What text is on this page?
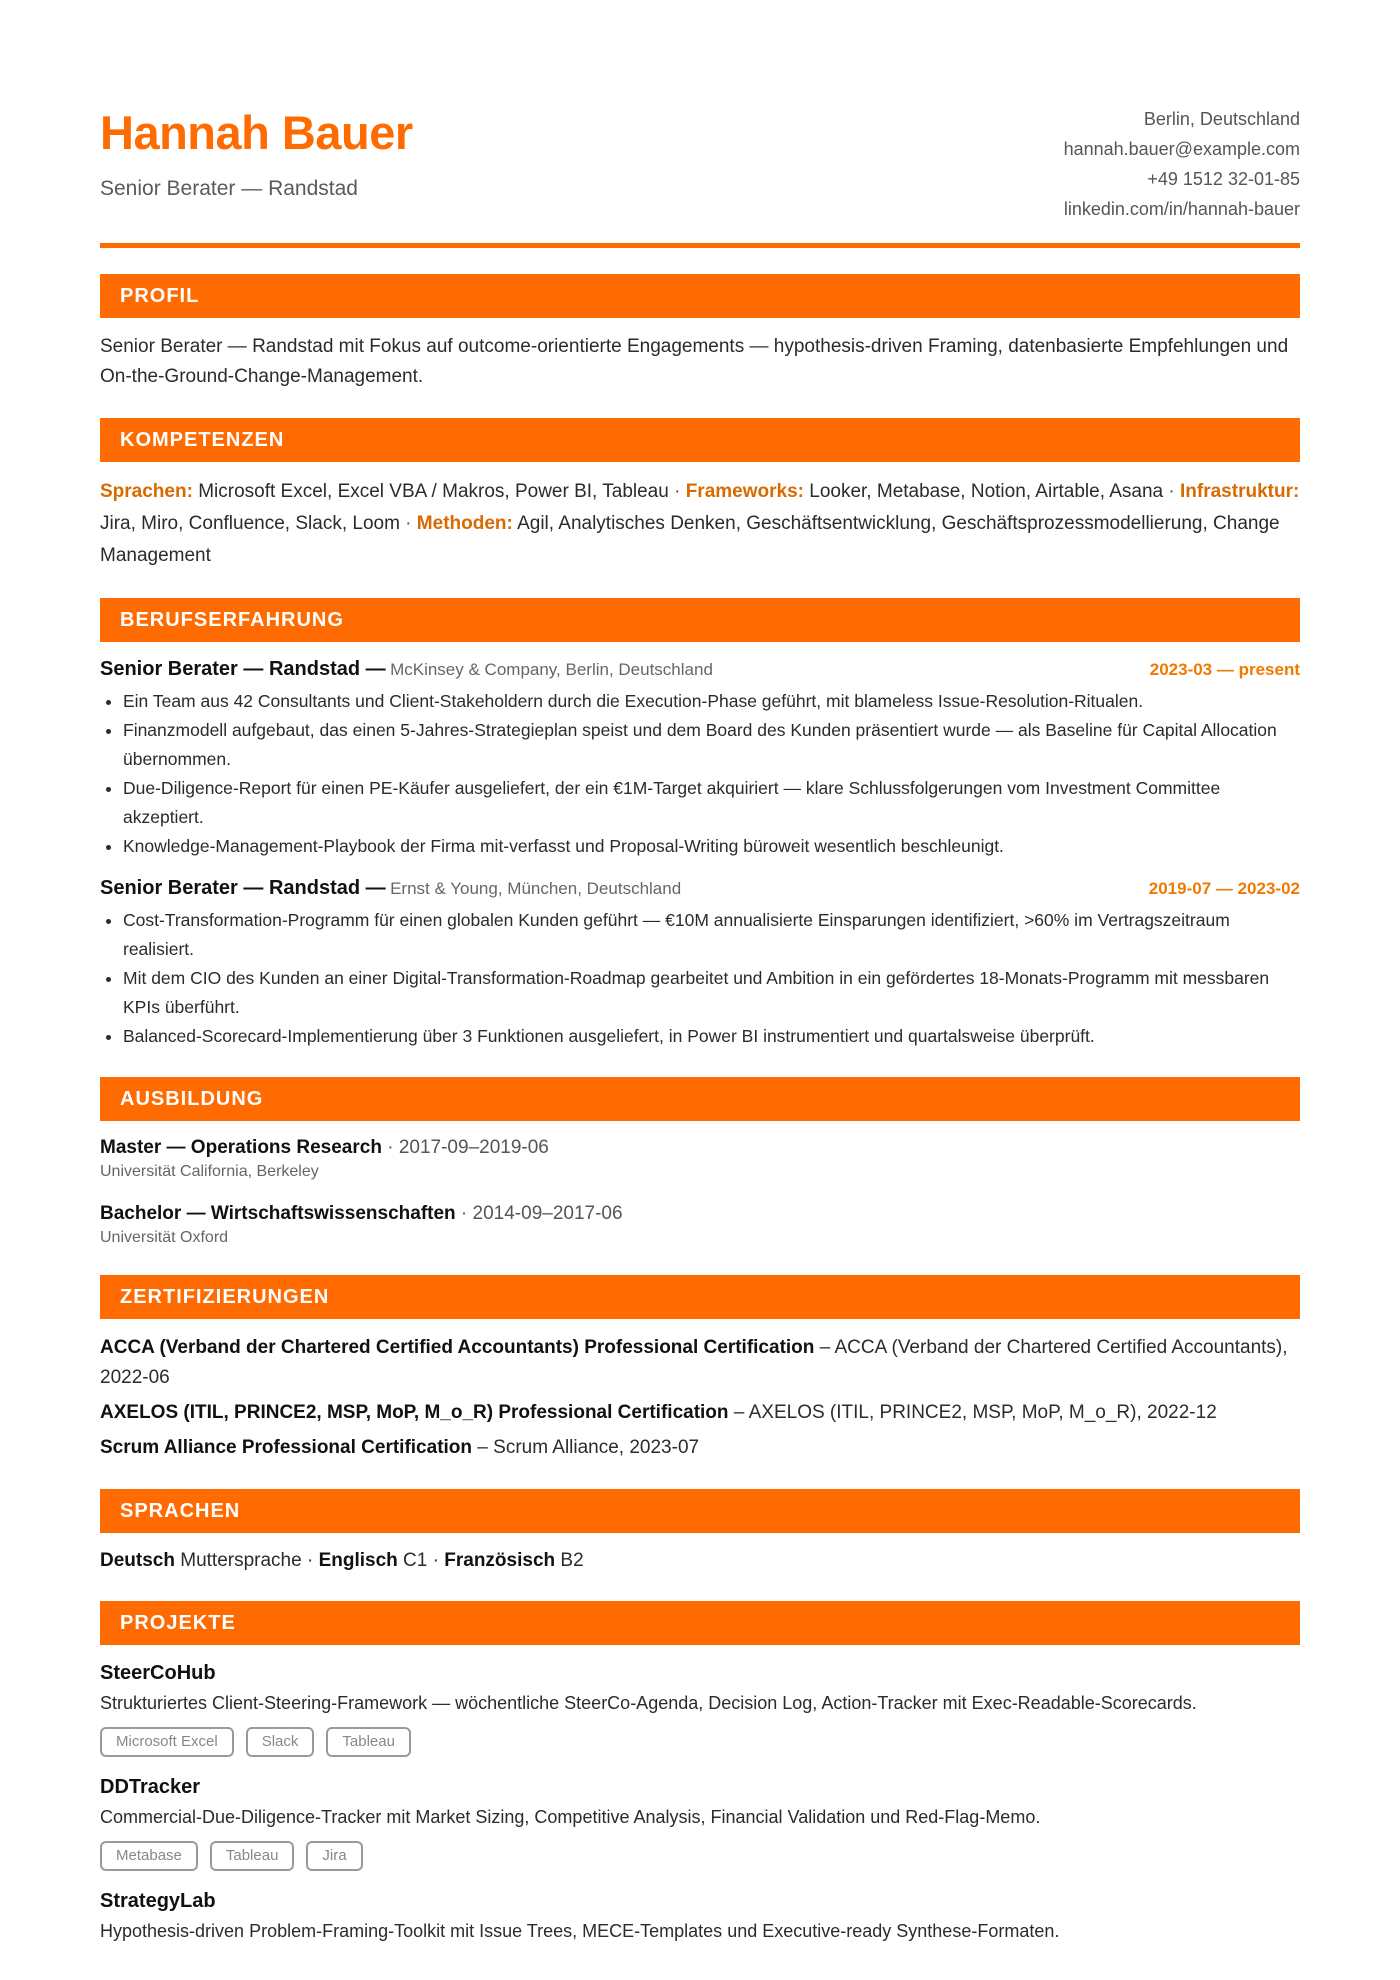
Hannah Bauer
Senior Berater — Randstad
Berlin, Deutschland
hannah.bauer@example.com
+49 1512 32-01-85
linkedin.com/in/hannah-bauer
PROFIL
Senior Berater — Randstad mit Fokus auf outcome-orientierte Engagements — hypothesis-driven Framing, datenbasierte Empfehlungen und On-the-Ground-Change-Management.
KOMPETENZEN
Sprachen: Microsoft Excel, Excel VBA / Makros, Power BI, Tableau · Frameworks: Looker, Metabase, Notion, Airtable, Asana · Infrastruktur: Jira, Miro, Confluence, Slack, Loom · Methoden: Agil, Analytisches Denken, Geschäftsentwicklung, Geschäftsprozessmodellierung, Change Management
BERUFSERFAHRUNG
Senior Berater — Randstad — McKinsey & Company, Berlin, Deutschland	2023-03 — present
• Ein Team aus 42 Consultants und Client-Stakeholdern durch die Execution-Phase geführt, mit blameless Issue-Resolution-Ritualen.
• Finanzmodell aufgebaut, das einen 5-Jahres-Strategieplan speist und dem Board des Kunden präsentiert wurde — als Baseline für Capital Allocation übernommen.
• Due-Diligence-Report für einen PE-Käufer ausgeliefert, der ein €1M-Target akquiriert — klare Schlussfolgerungen vom Investment Committee akzeptiert.
• Knowledge-Management-Playbook der Firma mit-verfasst und Proposal-Writing büroweit wesentlich beschleunigt.
Senior Berater — Randstad — Ernst & Young, München, Deutschland	2019-07 — 2023-02
• Cost-Transformation-Programm für einen globalen Kunden geführt — €10M annualisierte Einsparungen identifiziert, >60% im Vertragszeitraum realisiert.
• Mit dem CIO des Kunden an einer Digital-Transformation-Roadmap gearbeitet und Ambition in ein gefördertes 18-Monats-Programm mit messbaren KPIs überführt.
• Balanced-Scorecard-Implementierung über 3 Funktionen ausgeliefert, in Power BI instrumentiert und quartalsweise überprüft.
AUSBILDUNG
Master — Operations Research · 2017-09–2019-06
Universität California, Berkeley
Bachelor — Wirtschaftswissenschaften · 2014-09–2017-06
Universität Oxford
ZERTIFIZIERUNGEN
ACCA (Verband der Chartered Certified Accountants) Professional Certification – ACCA (Verband der Chartered Certified Accountants), 2022-06
AXELOS (ITIL, PRINCE2, MSP, MoP, M_o_R) Professional Certification – AXELOS (ITIL, PRINCE2, MSP, MoP, M_o_R), 2022-12
Scrum Alliance Professional Certification – Scrum Alliance, 2023-07
SPRACHEN
Deutsch Muttersprache · Englisch C1 · Französisch B2
PROJEKTE
SteerCoHub
Strukturiertes Client-Steering-Framework — wöchentliche SteerCo-Agenda, Decision Log, Action-Tracker mit Exec-Readable-Scorecards.
Microsoft Excel	Slack	Tableau
DDTracker
Commercial-Due-Diligence-Tracker mit Market Sizing, Competitive Analysis, Financial Validation und Red-Flag-Memo.
Metabase	Tableau	Jira
StrategyLab
Hypothesis-driven Problem-Framing-Toolkit mit Issue Trees, MECE-Templates und Executive-ready Synthese-Formaten.
